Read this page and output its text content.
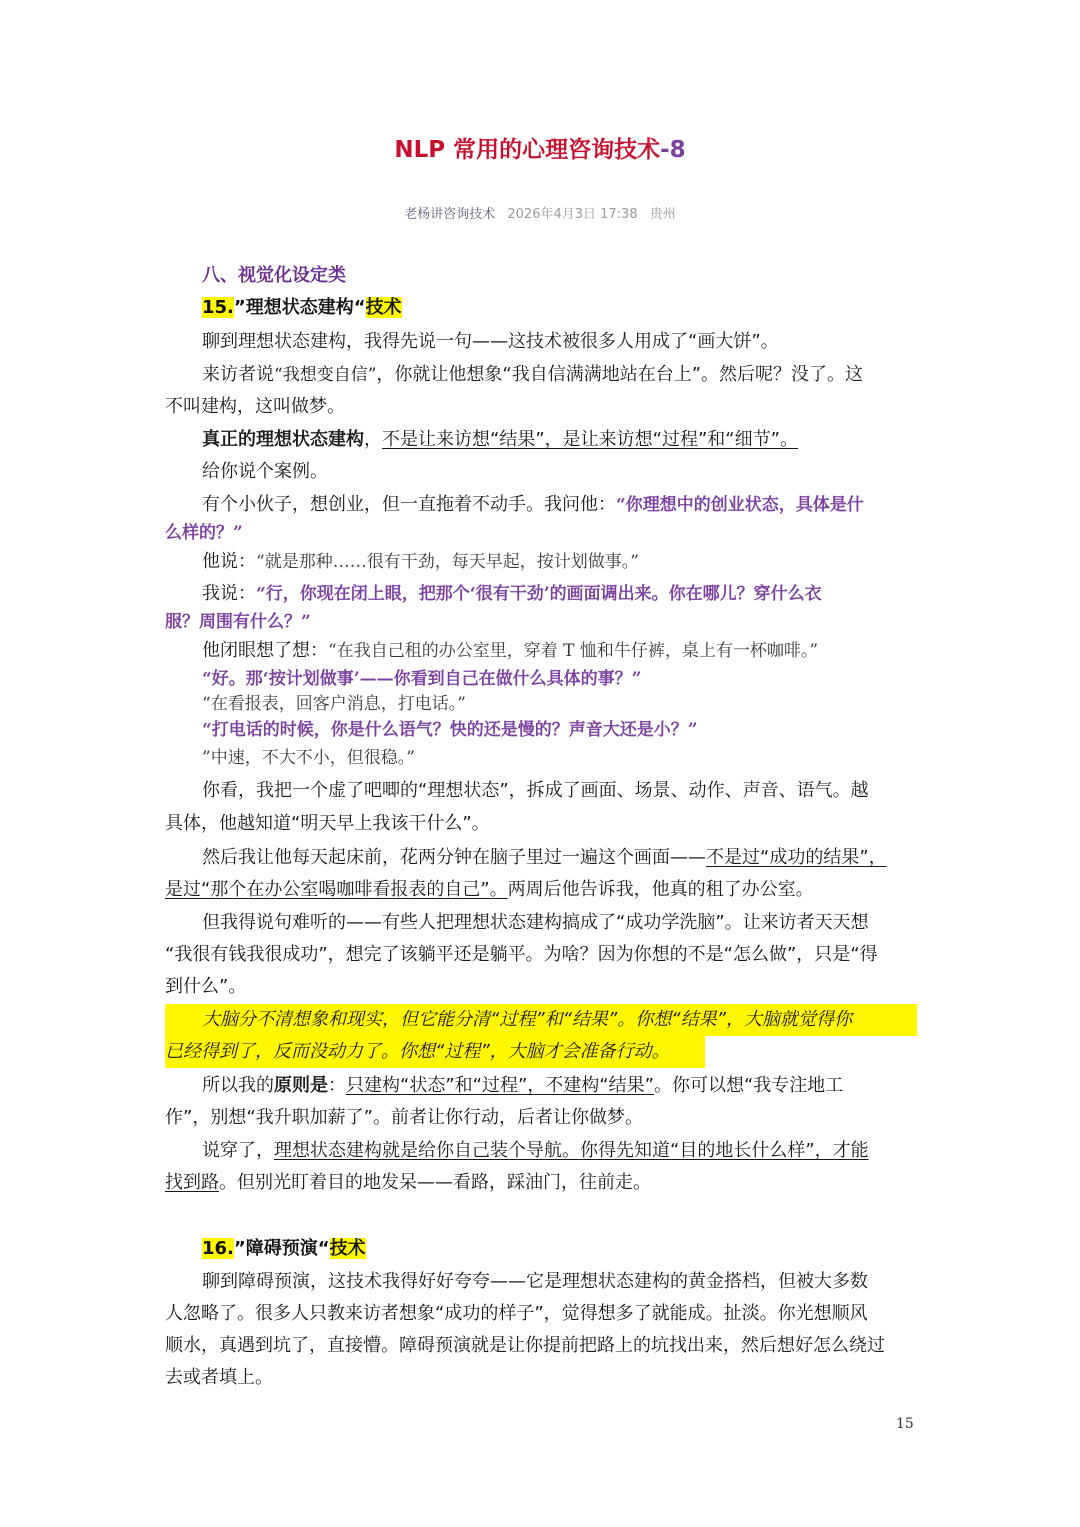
NLP 常用的心理咨询技术-8
老杨讲咨询技术 2026年4月3日 17:38 贵州
八、视觉化设定类
15.”理想状态建构“技术
聊到理想状态建构，我得先说一句——这技术被很多人用成了“画大饼”。
来访者说“我想变自信”，你就让他想象“我自信满满地站在台上”。然后呢？没了。这
不叫建构，这叫做梦。
真正的理想状态建构，不是让来访想“结果”，是让来访想“过程”和“细节”。
给你说个案例。
有个小伙子，想创业，但一直拖着不动手。我问他：“你理想中的创业状态，具体是什
么样的？”
他说：“就是那种……很有干劲，每天早起，按计划做事。”
我说：“行，你现在闭上眼，把那个‘很有干劲’的画面调出来。你在哪儿？穿什么衣
服？周围有什么？”
他闭眼想了想：“在我自己租的办公室里，穿着 T 恤和牛仔裤，桌上有一杯咖啡。”
“好。那‘按计划做事’——你看到自己在做什么具体的事？”
“在看报表，回客户消息，打电话。”
“打电话的时候，你是什么语气？快的还是慢的？声音大还是小？”
”中速，不大不小，但很稳。”
你看，我把一个虚了吧唧的“理想状态”，拆成了画面、场景、动作、声音、语气。越
具体，他越知道“明天早上我该干什么”。
然后我让他每天起床前，花两分钟在脑子里过一遍这个画面——不是过“成功的结果”，
是过“那个在办公室喝咖啡看报表的自己”。两周后他告诉我，他真的租了办公室。
但我得说句难听的——有些人把理想状态建构搞成了“成功学洗脑”。让来访者天天想
“我很有钱我很成功”，想完了该躺平还是躺平。为啥？因为你想的不是“怎么做”，只是“得
到什么”。
大脑分不清想象和现实，但它能分清“过程”和“结果”。你想“结果”，大脑就觉得你
已经得到了，反而没动力了。你想“过程”，大脑才会准备行动。
所以我的原则是：只建构“状态”和“过程”，不建构“结果”。你可以想“我专注地工
作”，别想“我升职加薪了”。前者让你行动，后者让你做梦。
说穿了，理想状态建构就是给你自己装个导航。你得先知道“目的地长什么样”，才能
找到路。但别光盯着目的地发呆——看路，踩油门，往前走。
16.”障碍预演“技术
聊到障碍预演，这技术我得好好夸夸——它是理想状态建构的黄金搭档，但被大多数
人忽略了。很多人只教来访者想象“成功的样子”，觉得想多了就能成。扯淡。你光想顺风
顺水，真遇到坑了，直接懵。障碍预演就是让你提前把路上的坑找出来，然后想好怎么绕过
去或者填上。
15
